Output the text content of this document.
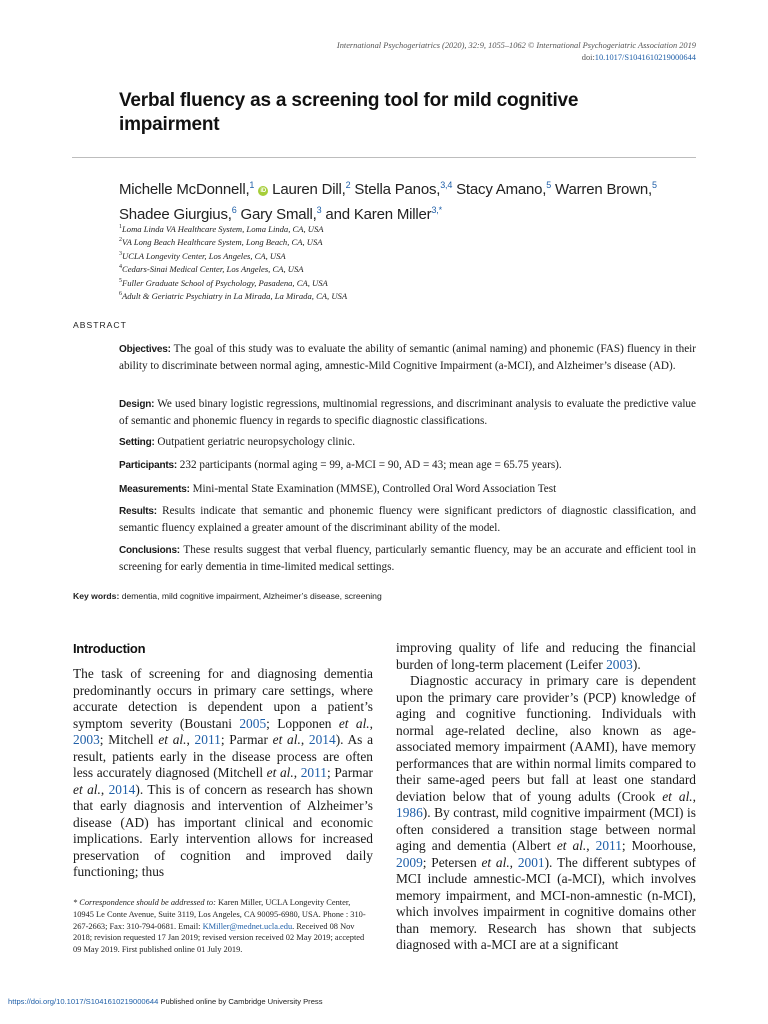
International Psychogeriatrics (2020), 32:9, 1055–1062 © International Psychogeriatric Association 2019
doi:10.1017/S1041610219000644
Verbal fluency as a screening tool for mild cognitive impairment
Michelle McDonnell,$^1$ iD Lauren Dill,$^2$ Stella Panos,$^{3,4}$ Stacy Amano,$^5$ Warren Brown,$^5$
Shadee Giurgius,$^6$ Gary Small,$^3$ and Karen Miller$^{3,*}$
$^1$Loma Linda VA Healthcare System, Loma Linda, CA, USA
$^2$VA Long Beach Healthcare System, Long Beach, CA, USA
$^3$UCLA Longevity Center, Los Angeles, CA, USA
$^4$Cedars-Sinai Medical Center, Los Angeles, CA, USA
$^5$Fuller Graduate School of Psychology, Pasadena, CA, USA
$^6$Adult & Geriatric Psychiatry in La Mirada, La Mirada, CA, USA
ABSTRACT
Objectives: The goal of this study was to evaluate the ability of semantic (animal naming) and phonemic (FAS) fluency in their ability to discriminate between normal aging, amnestic-Mild Cognitive Impairment (a-MCI), and Alzheimer’s disease (AD).
Design: We used binary logistic regressions, multinomial regressions, and discriminant analysis to evaluate the predictive value of semantic and phonemic fluency in regards to specific diagnostic classifications.
Setting: Outpatient geriatric neuropsychology clinic.
Participants: 232 participants (normal aging = 99, a-MCI = 90, AD = 43; mean age = 65.75 years).
Measurements: Mini-mental State Examination (MMSE), Controlled Oral Word Association Test
Results: Results indicate that semantic and phonemic fluency were significant predictors of diagnostic classification, and semantic fluency explained a greater amount of the discriminant ability of the model.
Conclusions: These results suggest that verbal fluency, particularly semantic fluency, may be an accurate and efficient tool in screening for early dementia in time-limited medical settings.
Key words: dementia, mild cognitive impairment, Alzheimer’s disease, screening
Introduction

The task of screening for and diagnosing dementia predominantly occurs in primary care settings, where accurate detection is dependent upon a patient’s symptom severity (Boustani 2005; Lopponen et al., 2003; Mitchell et al., 2011; Parmar et al., 2014). As a result, patients early in the disease process are often less accurately diagnosed (Mitchell et al., 2011; Parmar et al., 2014). This is of concern as research has shown that early diagnosis and intervention of Alzheimer’s disease (AD) has important clinical and economic implications. Early intervention allows for increased preservation of cognition and improved daily functioning; thus

improving quality of life and reducing the financial burden of long-term placement (Leifer 2003).

Diagnostic accuracy in primary care is dependent upon the primary care provider’s (PCP) knowledge of aging and cognitive functioning. Individuals with normal age-related decline, also known as age-associated memory impairment (AAMI), have memory performances that are within normal limits compared to their same-aged peers but fall at least one standard deviation below that of young adults (Crook et al., 1986). By contrast, mild cognitive impairment (MCI) is often considered a transition stage between normal aging and dementia (Albert et al., 2011; Moorhouse, 2009; Petersen et al., 2001). The different subtypes of MCI include amnestic-MCI (a-MCI), which involves memory impairment, and MCI-non-amnestic (n-MCI), which involves impairment in cognitive domains other than memory. Research has shown that subjects diagnosed with a-MCI are at a significant

* Correspondence should be addressed to: Karen Miller, UCLA Longevity Center, 10945 Le Conte Avenue, Suite 3119, Los Angeles, CA 90095-6980, USA. Phone : 310-267-2663; Fax: 310-794-0681. Email: KMiller@mednet.ucla.edu. Received 08 Nov 2018; revision requested 17 Jan 2019; revised version received 02 May 2019; accepted 09 May 2019. First published online 01 July 2019.
https://doi.org/10.1017/S1041610219000644 Published online by Cambridge University Press
